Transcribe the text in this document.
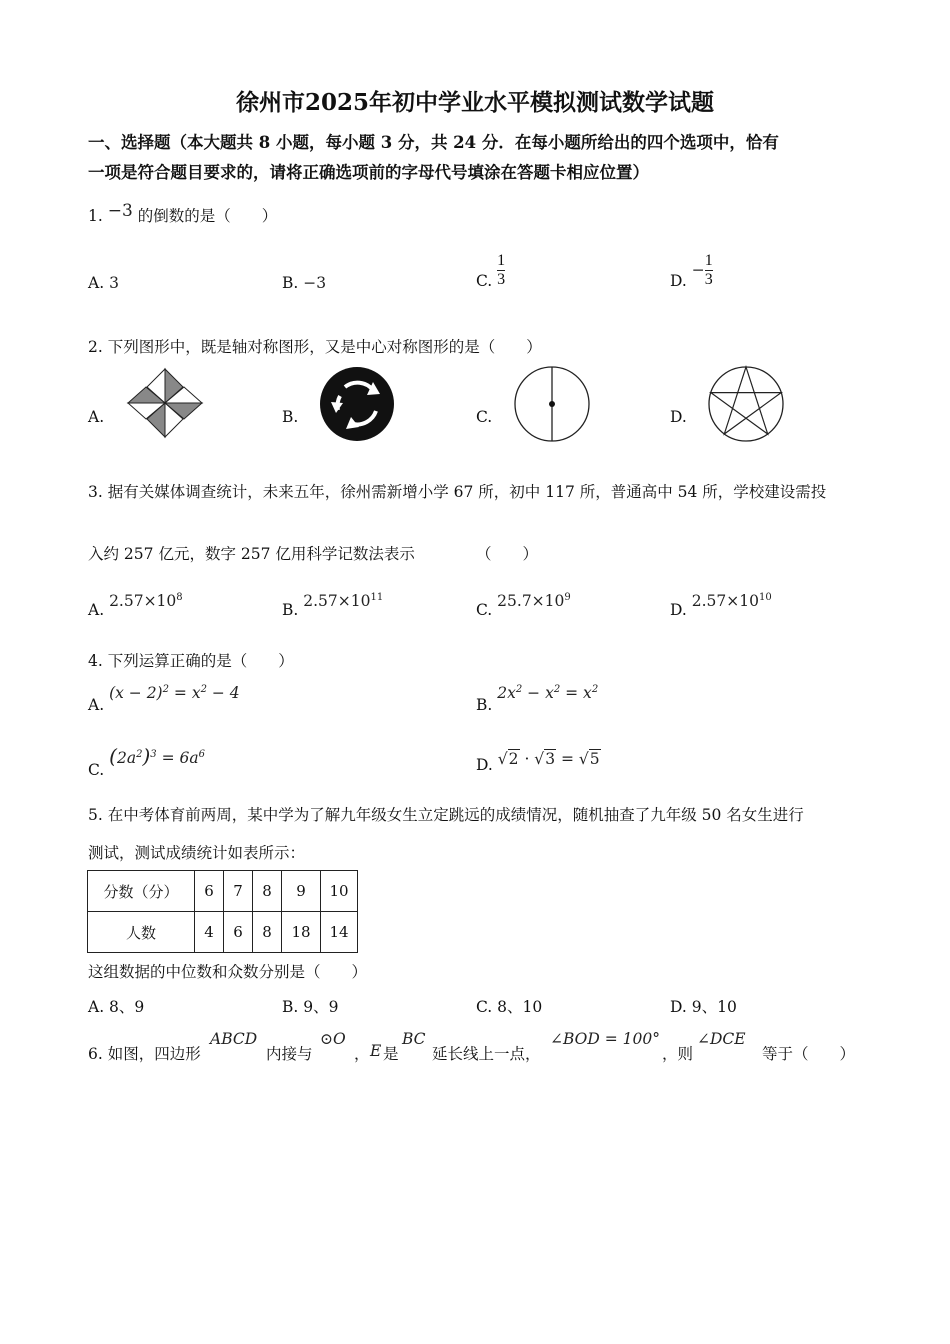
徐州市2025年初中学业水平模拟测试数学试题
一、选择题（本大题共 8 小题，每小题 3 分，共 24 分．在每小题所给出的四个选项中，恰有
一项是符合题目要求的，请将正确选项前的字母代号填涂在答题卡相应位置）
1. −3 的倒数的是（　　）
A. 3	B. −3	C. $\frac{1}{3}$	D. − $\frac{1}{3}$
2. 下列图形中，既是轴对称图形，又是中心对称图形的是（　　）
A.	B.	C.	D.
3. 据有关媒体调查统计，未来五年，徐州需新增小学 67 所，初中 117 所，普通高中 54 所，学校建设需投
入约 257 亿元，数字 257 亿用科学记数法表示	（　　）
A. $2.57\times 10^8$
B. $2.57\times 10^{11}$
C. $25.7\times 10^9$
D. $2.57\times 10^{10}$
4. 下列运算正确的是（　　）
A. $(x - 2)^2 = x^2 - 4$
B. $2x^2 - x^2 = x^2$
C. $(2a^2)^3 = 6a^6$
D. √2 · √3 = √5
5. 在中考体育前两周，某中学为了解九年级女生立定跳远的成绩情况，随机抽查了九年级 50 名女生进行
测试，测试成绩统计如表所示：
分数（分）	6	7	8	9	10
人数	4	6	8	18	14
这组数据的中位数和众数分别是（　　）
A. 8、9	B. 9、9	C. 8、10	D. 9、10
6. 如图，四边形
ABCD
内接与
⊙O
， E 是
BC
延长线上一点，
∠BOD = 100°
，则
∠DCE
等于（　　）
